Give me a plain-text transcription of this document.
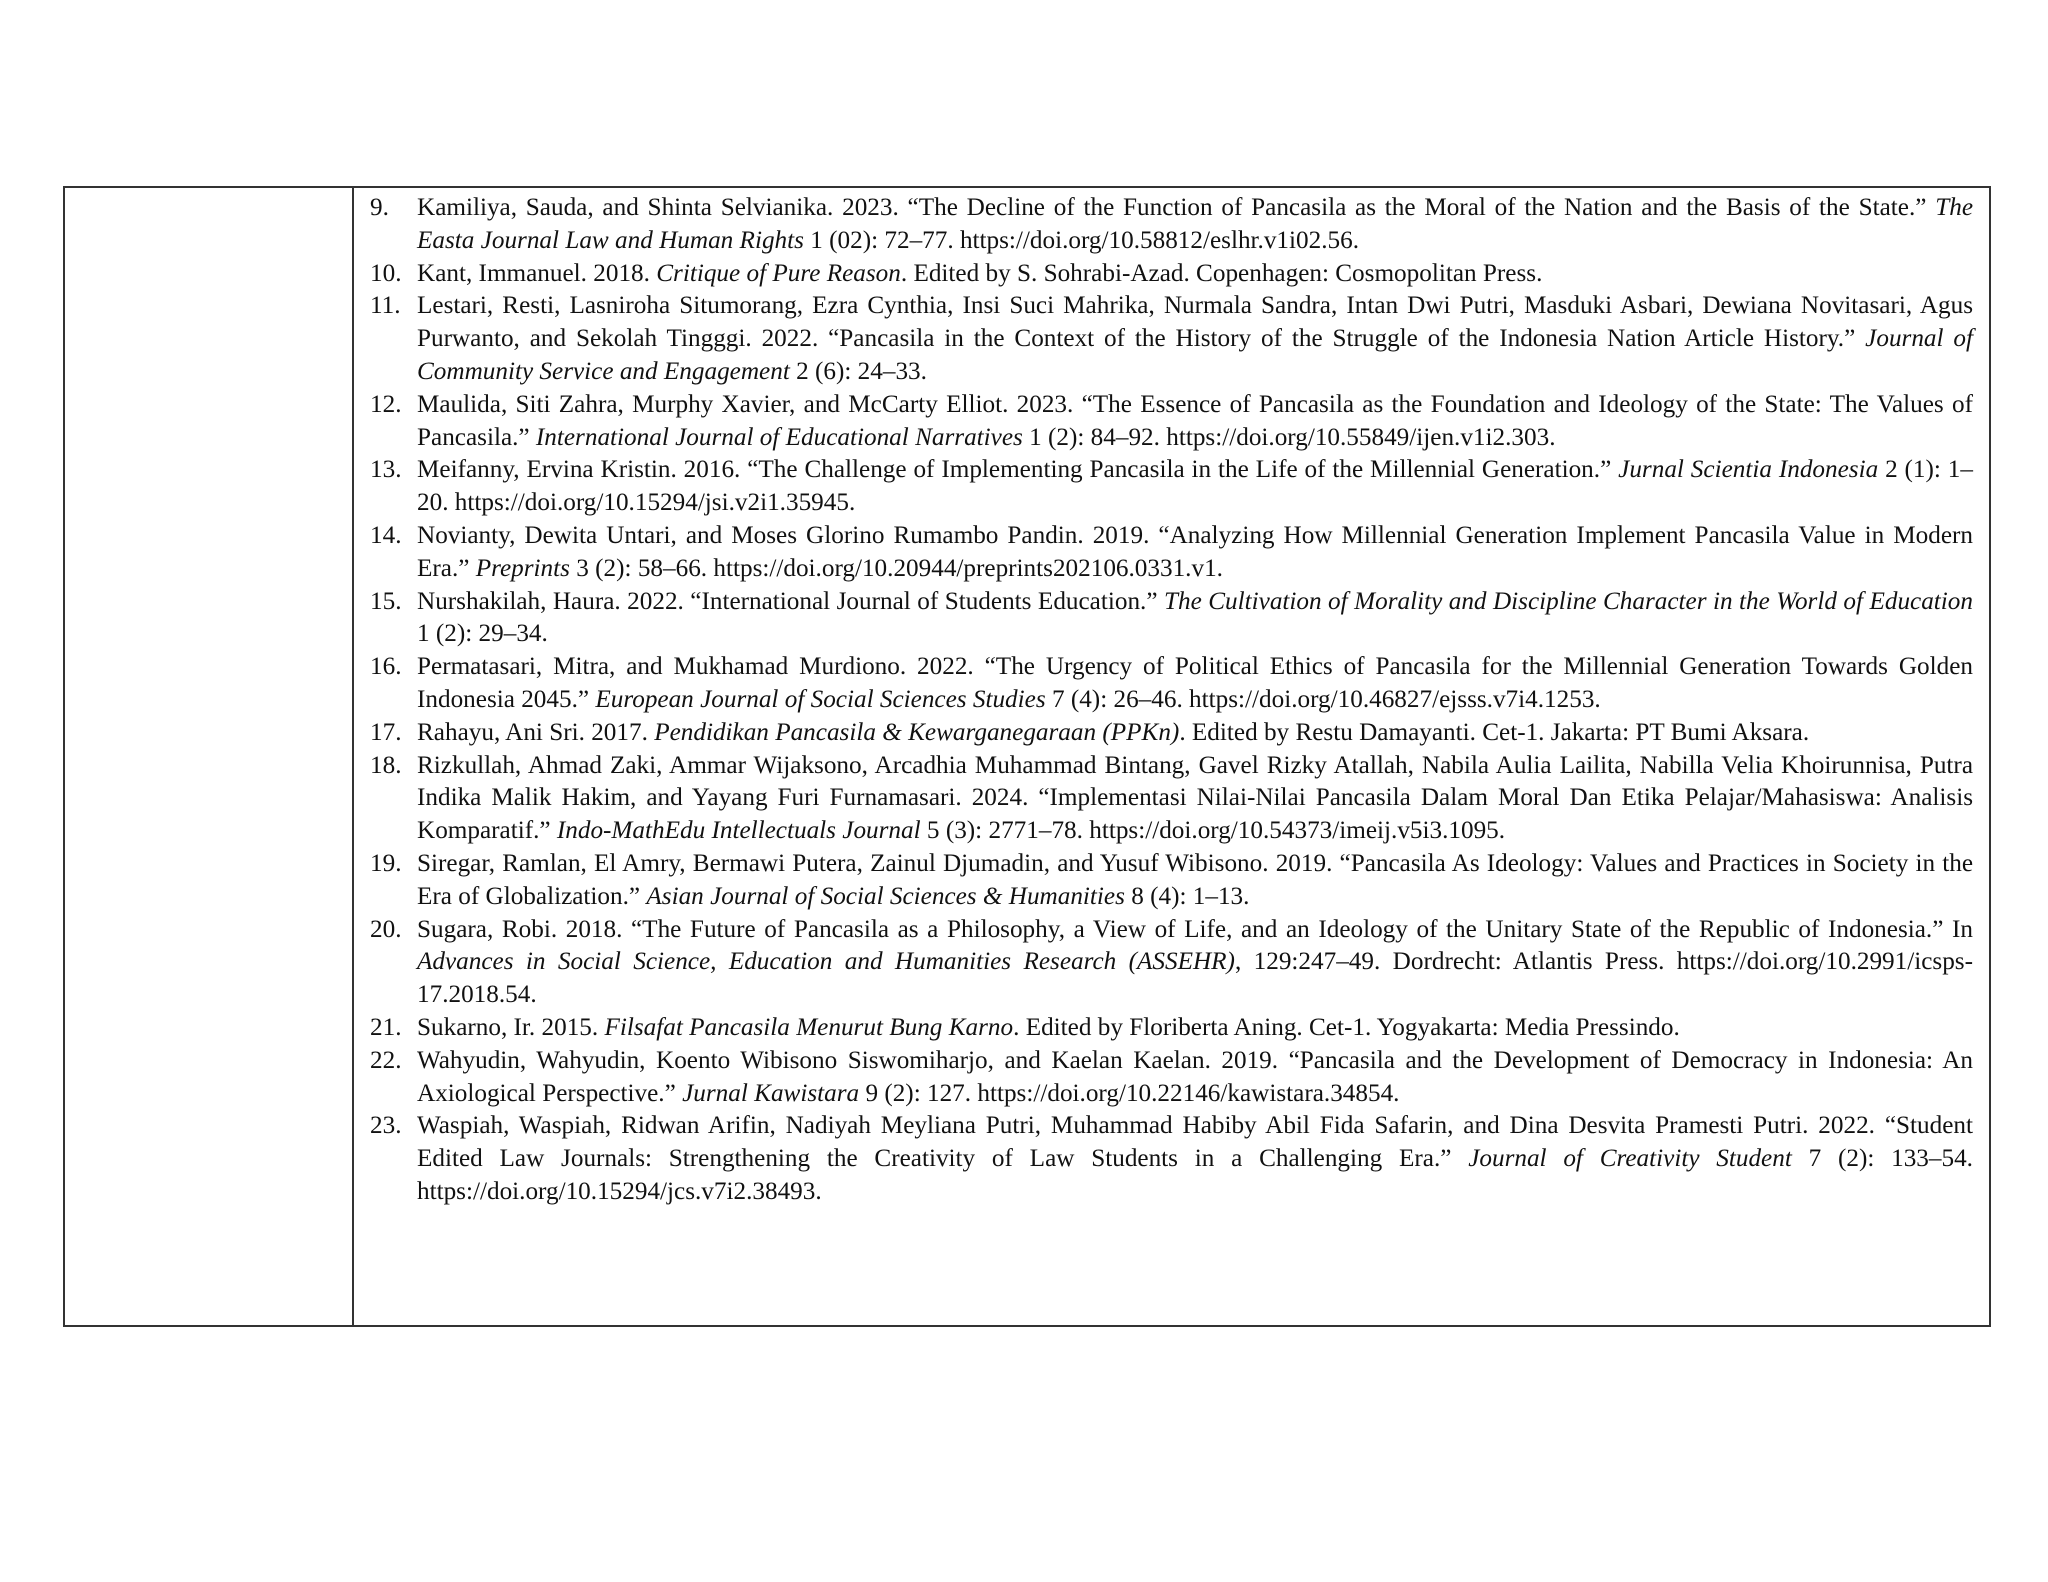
9. Kamiliya, Sauda, and Shinta Selvianika. 2023. “The Decline of the Function of Pancasila as the Moral of the Nation and the Basis of the State.” The Easta Journal Law and Human Rights 1 (02): 72–77. https://doi.org/10.58812/eslhr.v1i02.56.
10. Kant, Immanuel. 2018. Critique of Pure Reason. Edited by S. Sohrabi-Azad. Copenhagen: Cosmopolitan Press.
11. Lestari, Resti, Lasniroha Situmorang, Ezra Cynthia, Insi Suci Mahrika, Nurmala Sandra, Intan Dwi Putri, Masduki Asbari, Dewiana Novitasari, Agus Purwanto, and Sekolah Tingggi. 2022. “Pancasila in the Context of the History of the Struggle of the Indonesia Nation Article History.” Journal of Community Service and Engagement 2 (6): 24–33.
12. Maulida, Siti Zahra, Murphy Xavier, and McCarty Elliot. 2023. “The Essence of Pancasila as the Foundation and Ideology of the State: The Values of Pancasila.” International Journal of Educational Narratives 1 (2): 84–92. https://doi.org/10.55849/ijen.v1i2.303.
13. Meifanny, Ervina Kristin. 2016. “The Challenge of Implementing Pancasila in the Life of the Millennial Generation.” Jurnal Scientia Indonesia 2 (1): 1–20. https://doi.org/10.15294/jsi.v2i1.35945.
14. Novianty, Dewita Untari, and Moses Glorino Rumambo Pandin. 2019. “Analyzing How Millennial Generation Implement Pancasila Value in Modern Era.” Preprints 3 (2): 58–66. https://doi.org/10.20944/preprints202106.0331.v1.
15. Nurshakilah, Haura. 2022. “International Journal of Students Education.” The Cultivation of Morality and Discipline Character in the World of Education 1 (2): 29–34.
16. Permatasari, Mitra, and Mukhamad Murdiono. 2022. “The Urgency of Political Ethics of Pancasila for the Millennial Generation Towards Golden Indonesia 2045.” European Journal of Social Sciences Studies 7 (4): 26–46. https://doi.org/10.46827/ejsss.v7i4.1253.
17. Rahayu, Ani Sri. 2017. Pendidikan Pancasila & Kewarganegaraan (PPKn). Edited by Restu Damayanti. Cet-1. Jakarta: PT Bumi Aksara.
18. Rizkullah, Ahmad Zaki, Ammar Wijaksono, Arcadhia Muhammad Bintang, Gavel Rizky Atallah, Nabila Aulia Lailita, Nabilla Velia Khoirunnisa, Putra Indika Malik Hakim, and Yayang Furi Furnamasari. 2024. “Implementasi Nilai-Nilai Pancasila Dalam Moral Dan Etika Pelajar/Mahasiswa: Analisis Komparatif.” Indo-MathEdu Intellectuals Journal 5 (3): 2771–78. https://doi.org/10.54373/imeij.v5i3.1095.
19. Siregar, Ramlan, El Amry, Bermawi Putera, Zainul Djumadin, and Yusuf Wibisono. 2019. “Pancasila As Ideology: Values and Practices in Society in the Era of Globalization.” Asian Journal of Social Sciences & Humanities 8 (4): 1–13.
20. Sugara, Robi. 2018. “The Future of Pancasila as a Philosophy, a View of Life, and an Ideology of the Unitary State of the Republic of Indonesia.” In Advances in Social Science, Education and Humanities Research (ASSEHR), 129:247–49. Dordrecht: Atlantis Press. https://doi.org/10.2991/icsps-17.2018.54.
21. Sukarno, Ir. 2015. Filsafat Pancasila Menurut Bung Karno. Edited by Floriberta Aning. Cet-1. Yogyakarta: Media Pressindo.
22. Wahyudin, Wahyudin, Koento Wibisono Siswomiharjo, and Kaelan Kaelan. 2019. “Pancasila and the Development of Democracy in Indonesia: An Axiological Perspective.” Jurnal Kawistara 9 (2): 127. https://doi.org/10.22146/kawistara.34854.
23. Waspiah, Waspiah, Ridwan Arifin, Nadiyah Meyliana Putri, Muhammad Habiby Abil Fida Safarin, and Dina Desvita Pramesti Putri. 2022. “Student Edited Law Journals: Strengthening the Creativity of Law Students in a Challenging Era.” Journal of Creativity Student 7 (2): 133–54. https://doi.org/10.15294/jcs.v7i2.38493.
